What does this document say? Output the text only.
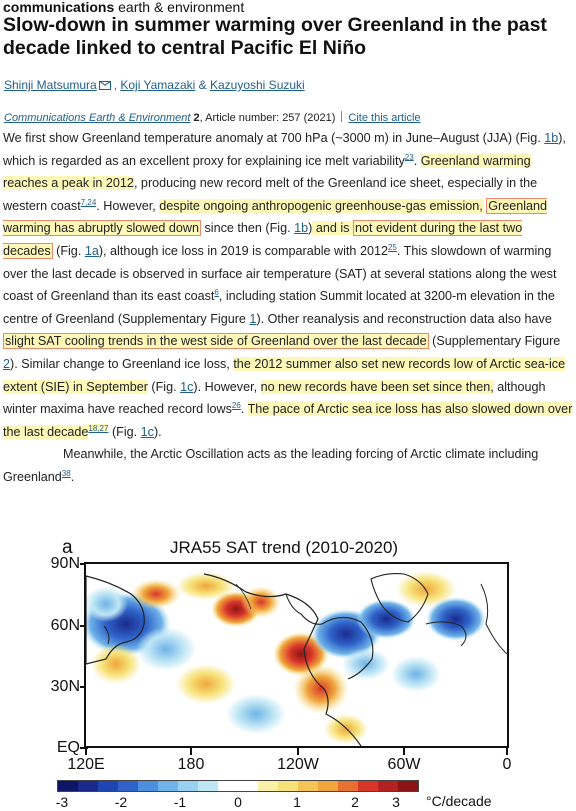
communications earth & environment
Slow-down in summer warming over Greenland in the past decade linked to central Pacific El Niño
Shinji Matsumura , Koji Yamazaki & Kazuyoshi Suzuki
Communications Earth & Environment 2, Article number: 257 (2021) Cite this article

We first show Greenland temperature anomaly at 700 hPa (~3000 m) in June–August (JJA) (Fig. 1b), which is regarded as an excellent proxy for explaining ice melt variability$^{23}$. Greenland warming reaches a peak in 2012, producing new record melt of the Greenland ice sheet, especially in the western coast$^{7,24}$. However, despite ongoing anthropogenic greenhouse-gas emission, Greenland warming has abruptly slowed down since then (Fig. 1b) and is not evident during the last two decades (Fig. 1a), although ice loss in 2019 is comparable with 2012$^{25}$. This slowdown of warming over the last decade is observed in surface air temperature (SAT) at several stations along the west coast of Greenland than its east coast$^6$, including station Summit located at 3200-m elevation in the centre of Greenland (Supplementary Figure 1). Other reanalysis and reconstruction data also have slight SAT cooling trends in the west side of Greenland over the last decade (Supplementary Figure 2). Similar change to Greenland ice loss, the 2012 summer also set new records low of Arctic sea-ice extent (SIE) in September (Fig. 1c). However, no new records have been set since then, although winter maxima have reached record lows$^{26}$. The pace of Arctic sea ice loss has also slowed down over the last decade$^{18,27}$ (Fig. 1c).

Meanwhile, the Arctic Oscillation acts as the leading forcing of Arctic climate including Greenland$^{38}$.

a	JRA55 SAT trend (2010-2020)
90N
60N
30N
EQ
120E	180	120W	60W	0
-3	-2	-1	0	1	2	3	°C/decade
